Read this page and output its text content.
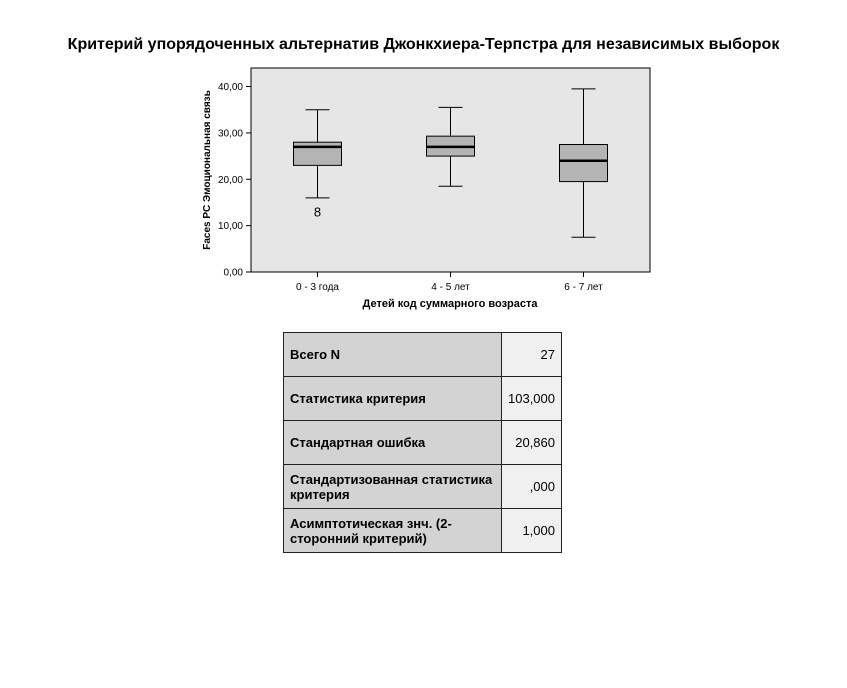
Критерий упорядоченных альтернатив Джонкхиера-Терпстра для независимых выборок
0,00
10,00
20,00
30,00
40,00
0 - 3 года	4 - 5 лет	6 - 7 лет
8
Faces PC Эмоциональная связь
Детей код суммарного возраста
Всего N	27
Статистика критерия	103,000
Стандартная ошибка	20,860
Стандартизованная статистика критерия	,000
Асимптотическая знч. (2-сторонний критерий)	1,000
